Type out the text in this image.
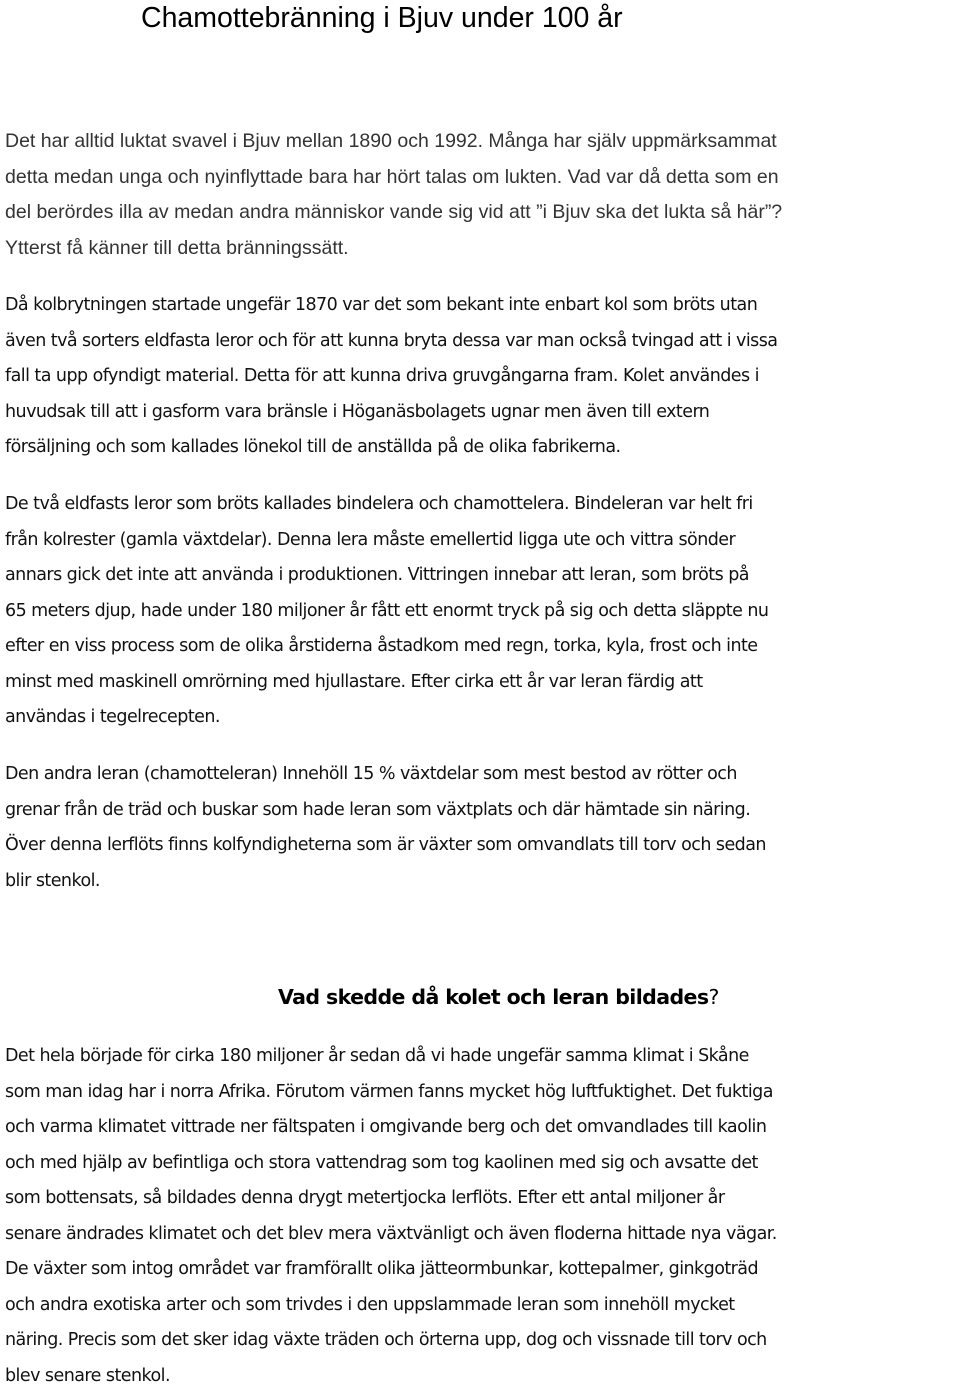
Chamottebränning i Bjuv under 100 år

Det har alltid luktat svavel i Bjuv mellan 1890 och 1992. Många har själv uppmärksammat
detta medan unga och nyinflyttade bara har hört talas om lukten. Vad var då detta som en
del berördes illa av medan andra människor vande sig vid att ”i Bjuv ska det lukta så här”?
Ytterst få känner till detta bränningssätt.

Då kolbrytningen startade ungefär 1870 var det som bekant inte enbart kol som bröts utan
även två sorters eldfasta leror och för att kunna bryta dessa var man också tvingad att i vissa
fall ta upp ofyndigt material. Detta för att kunna driva gruvgångarna fram. Kolet användes i
huvudsak till att i gasform vara bränsle i Höganäsbolagets ugnar men även till extern
försäljning och som kallades lönekol till de anställda på de olika fabrikerna.

De två eldfasts leror som bröts kallades bindelera och chamottelera. Bindeleran var helt fri
från kolrester (gamla växtdelar). Denna lera måste emellertid ligga ute och vittra sönder
annars gick det inte att använda i produktionen. Vittringen innebar att leran, som bröts på
65 meters djup, hade under 180 miljoner år fått ett enormt tryck på sig och detta släppte nu
efter en viss process som de olika årstiderna åstadkom med regn, torka, kyla, frost och inte
minst med maskinell omrörning med hjullastare. Efter cirka ett år var leran färdig att
användas i tegelrecepten.

Den andra leran (chamotteleran) Innehöll 15 % växtdelar som mest bestod av rötter och
grenar från de träd och buskar som hade leran som växtplats och där hämtade sin näring.
Över denna lerflöts finns kolfyndigheterna som är växter som omvandlats till torv och sedan
blir stenkol.

Vad skedde då kolet och leran bildades?

Det hela började för cirka 180 miljoner år sedan då vi hade ungefär samma klimat i Skåne
som man idag har i norra Afrika. Förutom värmen fanns mycket hög luftfuktighet. Det fuktiga
och varma klimatet vittrade ner fältspaten i omgivande berg och det omvandlades till kaolin
och med hjälp av befintliga och stora vattendrag som tog kaolinen med sig och avsatte det
som bottensats, så bildades denna drygt metertjocka lerflöts. Efter ett antal miljoner år
senare ändrades klimatet och det blev mera växtvänligt och även floderna hittade nya vägar.
De växter som intog området var framförallt olika jätteormbunkar, kottepalmer, ginkgoträd
och andra exotiska arter och som trivdes i den uppslammade leran som innehöll mycket
näring. Precis som det sker idag växte träden och örterna upp, dog och vissnade till torv och
blev senare stenkol.
